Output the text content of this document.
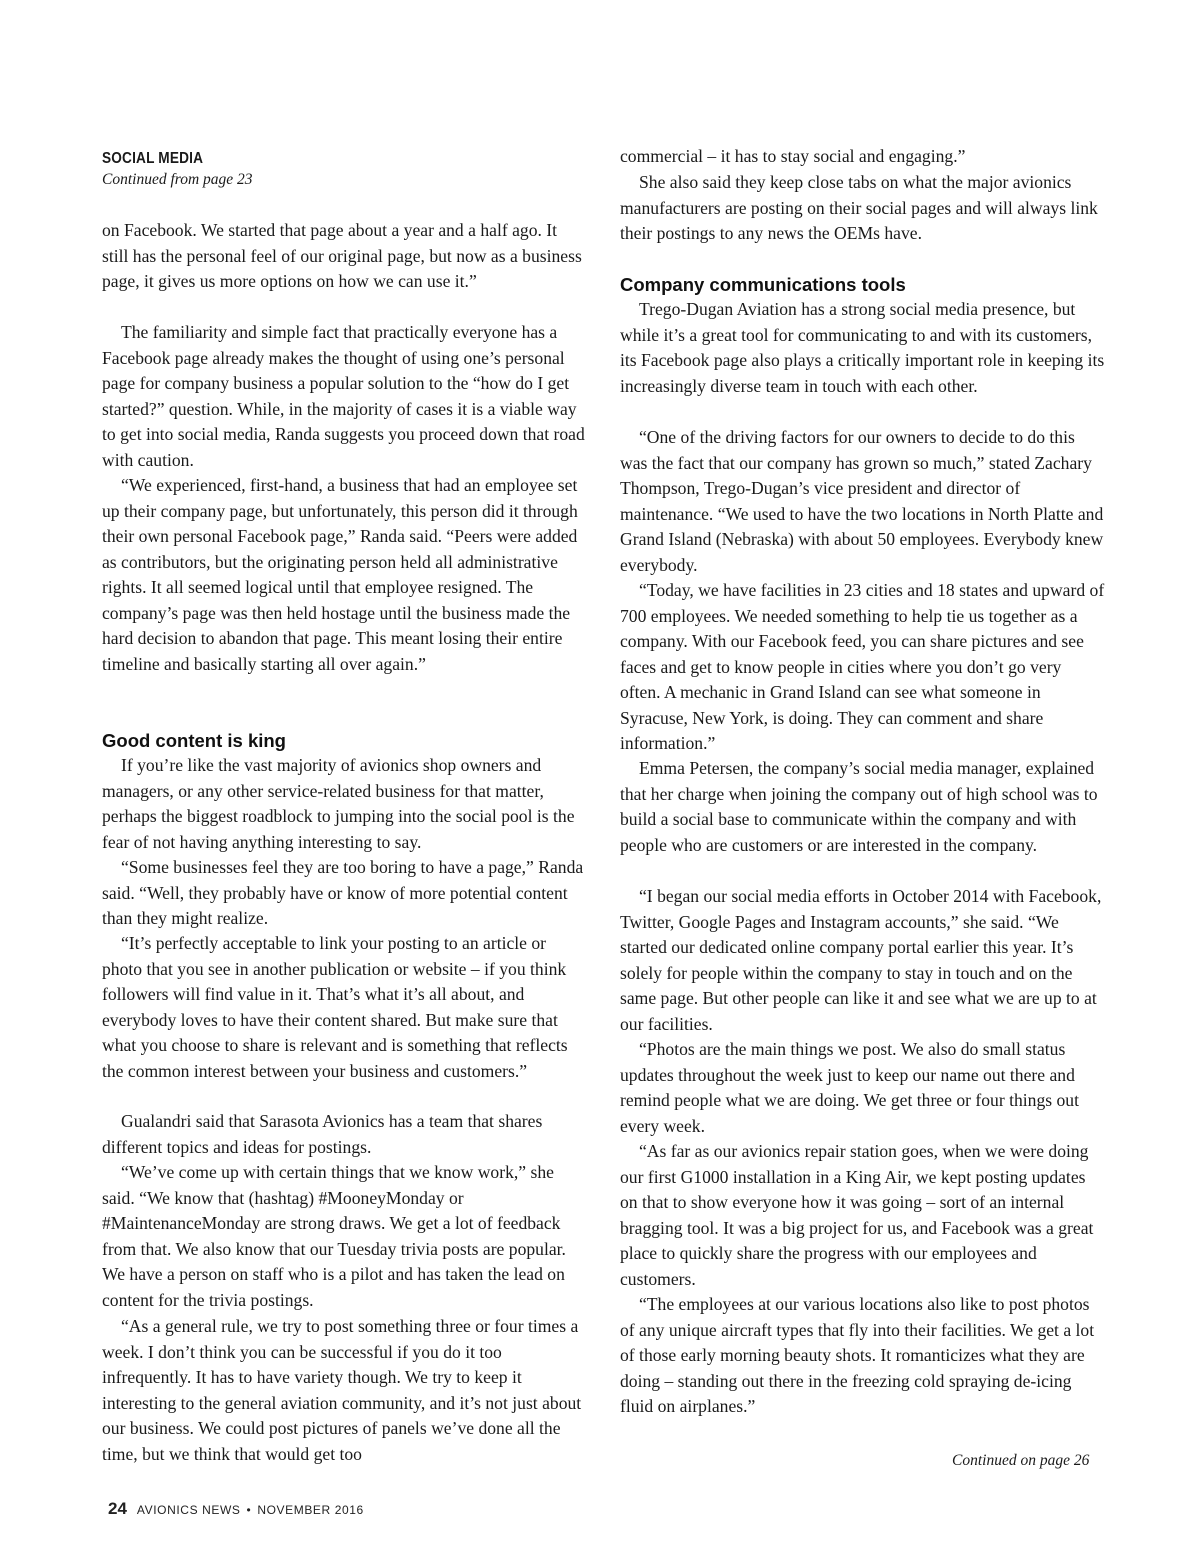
SOCIAL MEDIA
Continued from page 23

on Facebook. We started that page about a year and a half ago. It still has the personal feel of our original page, but now as a business page, it gives us more options on how we can use it.”

The familiarity and simple fact that practically everyone has a Facebook page already makes the thought of using one’s personal page for company business a popular solution to the “how do I get started?” question. While, in the majority of cases it is a viable way to get into social media, Randa suggests you proceed down that road with caution.

“We experienced, first-hand, a business that had an employee set up their company page, but unfortunately, this person did it through their own personal Facebook page,” Randa said. “Peers were added as contributors, but the originating person held all administrative rights. It all seemed logical until that employee resigned. The company’s page was then held hostage until the business made the hard decision to abandon that page. This meant losing their entire timeline and basically starting all over again.”

Good content is king

If you’re like the vast majority of avionics shop owners and managers, or any other service-related business for that matter, perhaps the biggest roadblock to jumping into the social pool is the fear of not having anything interesting to say.

“Some businesses feel they are too boring to have a page,” Randa said. “Well, they probably have or know of more potential content than they might realize.

“It’s perfectly acceptable to link your posting to an article or photo that you see in another publication or website – if you think followers will find value in it. That’s what it’s all about, and everybody loves to have their content shared. But make sure that what you choose to share is relevant and is something that reflects the common interest between your business and customers.”

Gualandri said that Sarasota Avionics has a team that shares different topics and ideas for postings.

“We’ve come up with certain things that we know work,” she said. “We know that (hashtag) #MooneyMonday or #MaintenanceMonday are strong draws. We get a lot of feedback from that. We also know that our Tuesday trivia posts are popular. We have a person on staff who is a pilot and has taken the lead on content for the trivia postings.

“As a general rule, we try to post something three or four times a week. I don’t think you can be successful if you do it too infrequently. It has to have variety though. We try to keep it interesting to the general aviation community, and it’s not just about our business. We could post pictures of panels we’ve done all the time, but we think that would get too

commercial – it has to stay social and engaging.”

She also said they keep close tabs on what the major avionics manufacturers are posting on their social pages and will always link their postings to any news the OEMs have.

Company communications tools

Trego-Dugan Aviation has a strong social media presence, but while it’s a great tool for communicating to and with its customers, its Facebook page also plays a critically important role in keeping its increasingly diverse team in touch with each other.

“One of the driving factors for our owners to decide to do this was the fact that our company has grown so much,” stated Zachary Thompson, Trego-Dugan’s vice president and director of maintenance. “We used to have the two locations in North Platte and Grand Island (Nebraska) with about 50 employees. Everybody knew everybody.

“Today, we have facilities in 23 cities and 18 states and upward of 700 employees. We needed something to help tie us together as a company. With our Facebook feed, you can share pictures and see faces and get to know people in cities where you don’t go very often. A mechanic in Grand Island can see what someone in Syracuse, New York, is doing. They can comment and share information.”

Emma Petersen, the company’s social media manager, explained that her charge when joining the company out of high school was to build a social base to communicate within the company and with people who are customers or are interested in the company.

“I began our social media efforts in October 2014 with Facebook, Twitter, Google Pages and Instagram accounts,” she said. “We started our dedicated online company portal earlier this year. It’s solely for people within the company to stay in touch and on the same page. But other people can like it and see what we are up to at our facilities.

“Photos are the main things we post. We also do small status updates throughout the week just to keep our name out there and remind people what we are doing. We get three or four things out every week.

“As far as our avionics repair station goes, when we were doing our first G1000 installation in a King Air, we kept posting updates on that to show everyone how it was going – sort of an internal bragging tool. It was a big project for us, and Facebook was a great place to quickly share the progress with our employees and customers.

“The employees at our various locations also like to post photos of any unique aircraft types that fly into their facilities. We get a lot of those early morning beauty shots. It romanticizes what they are doing – standing out there in the freezing cold spraying de-icing fluid on airplanes.”

Continued on page 26
24 AVIONICS NEWS • NOVEMBER 2016
